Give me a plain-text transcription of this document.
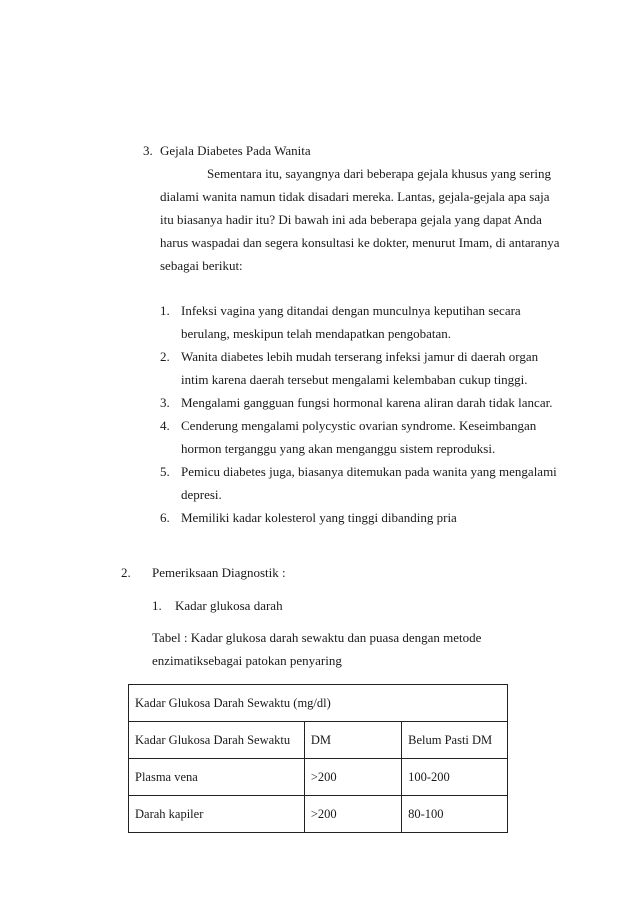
3. Gejala Diabetes Pada Wanita
Sementara itu, sayangnya dari beberapa gejala khusus yang sering
dialami wanita namun tidak disadari mereka. Lantas, gejala-gejala apa saja
itu biasanya hadir itu? Di bawah ini ada beberapa gejala yang dapat Anda
harus waspadai dan segera konsultasi ke dokter, menurut Imam, di antaranya
sebagai berikut:
1. Infeksi vagina yang ditandai dengan munculnya keputihan secara
berulang, meskipun telah mendapatkan pengobatan.
2. Wanita diabetes lebih mudah terserang infeksi jamur di daerah organ
intim karena daerah tersebut mengalami kelembaban cukup tinggi.
3. Mengalami gangguan fungsi hormonal karena aliran darah tidak lancar.
4. Cenderung mengalami polycystic ovarian syndrome. Keseimbangan
hormon terganggu yang akan menganggu sistem reproduksi.
5. Pemicu diabetes juga, biasanya ditemukan pada wanita yang mengalami
depresi.
6. Memiliki kadar kolesterol yang tinggi dibanding pria
2. Pemeriksaan Diagnostik :
1. Kadar glukosa darah
Tabel : Kadar glukosa darah sewaktu dan puasa dengan metode
enzimatiksebagai patokan penyaring
Kadar Glukosa Darah Sewaktu (mg/dl)		
Kadar Glukosa Darah Sewaktu	DM	Belum Pasti DM
Plasma vena	>200	100-200
Darah kapiler	>200	80-100
